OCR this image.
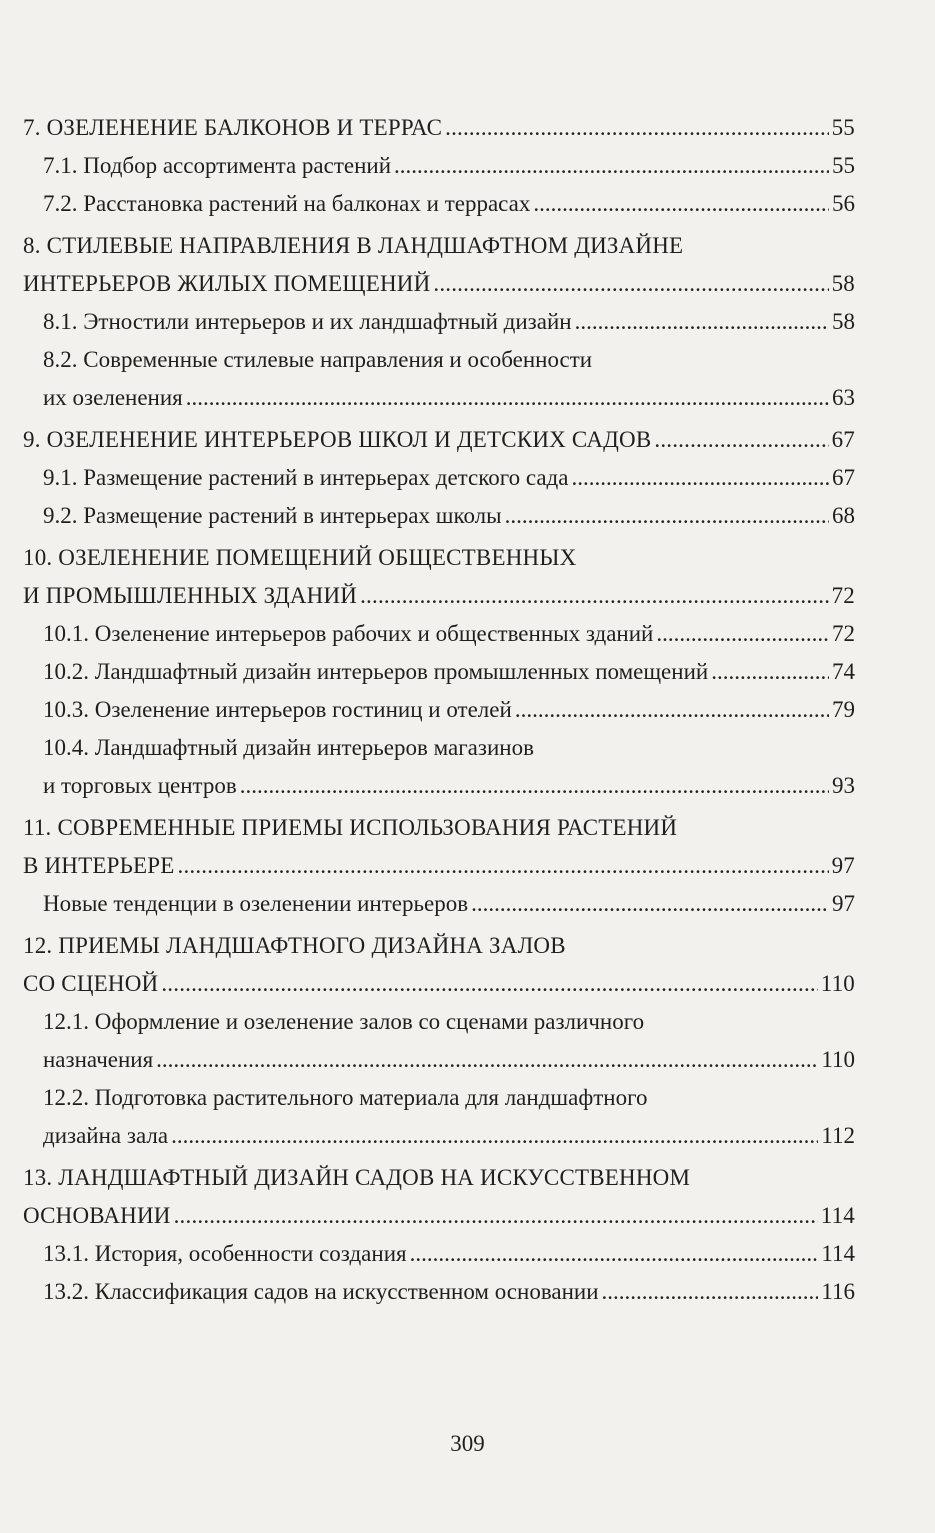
7. ОЗЕЛЕНЕНИЕ БАЛКОНОВ И ТЕРРАС .....	55
7.1. Подбор ассортимента растений .....	55
7.2. Расстановка растений на балконах и террасах .....	56
8. СТИЛЕВЫЕ НАПРАВЛЕНИЯ В ЛАНДШАФТНОМ ДИЗАЙНЕ
ИНТЕРЬЕРОВ ЖИЛЫХ ПОМЕЩЕНИЙ .....	58
8.1. Этностили интерьеров и их ландшафтный дизайн .....	58
8.2. Современные стилевые направления и особенности
их озеленения .....	63
9. ОЗЕЛЕНЕНИЕ ИНТЕРЬЕРОВ ШКОЛ И ДЕТСКИХ САДОВ .....	67
9.1. Размещение растений в интерьерах детского сада .....	67
9.2. Размещение растений в интерьерах школы .....	68
10. ОЗЕЛЕНЕНИЕ ПОМЕЩЕНИЙ ОБЩЕСТВЕННЫХ
И ПРОМЫШЛЕННЫХ ЗДАНИЙ .....	72
10.1. Озеленение интерьеров рабочих и общественных зданий .....	72
10.2. Ландшафтный дизайн интерьеров промышленных помещений .....	74
10.3. Озеленение интерьеров гостиниц и отелей .....	79
10.4. Ландшафтный дизайн интерьеров магазинов
и торговых центров .....	93
11. СОВРЕМЕННЫЕ ПРИЕМЫ ИСПОЛЬЗОВАНИЯ РАСТЕНИЙ
В ИНТЕРЬЕРЕ .....	97
Новые тенденции в озеленении интерьеров .....	97
12. ПРИЕМЫ ЛАНДШАФТНОГО ДИЗАЙНА ЗАЛОВ
СО СЦЕНОЙ .....	110
12.1. Оформление и озеленение залов со сценами различного
назначения .....	110
12.2. Подготовка растительного материала для ландшафтного
дизайна зала .....	112
13. ЛАНДШАФТНЫЙ ДИЗАЙН САДОВ НА ИСКУССТВЕННОМ
ОСНОВАНИИ .....	114
13.1. История, особенности создания .....	114
13.2. Классификация садов на искусственном основании .....	116
309
